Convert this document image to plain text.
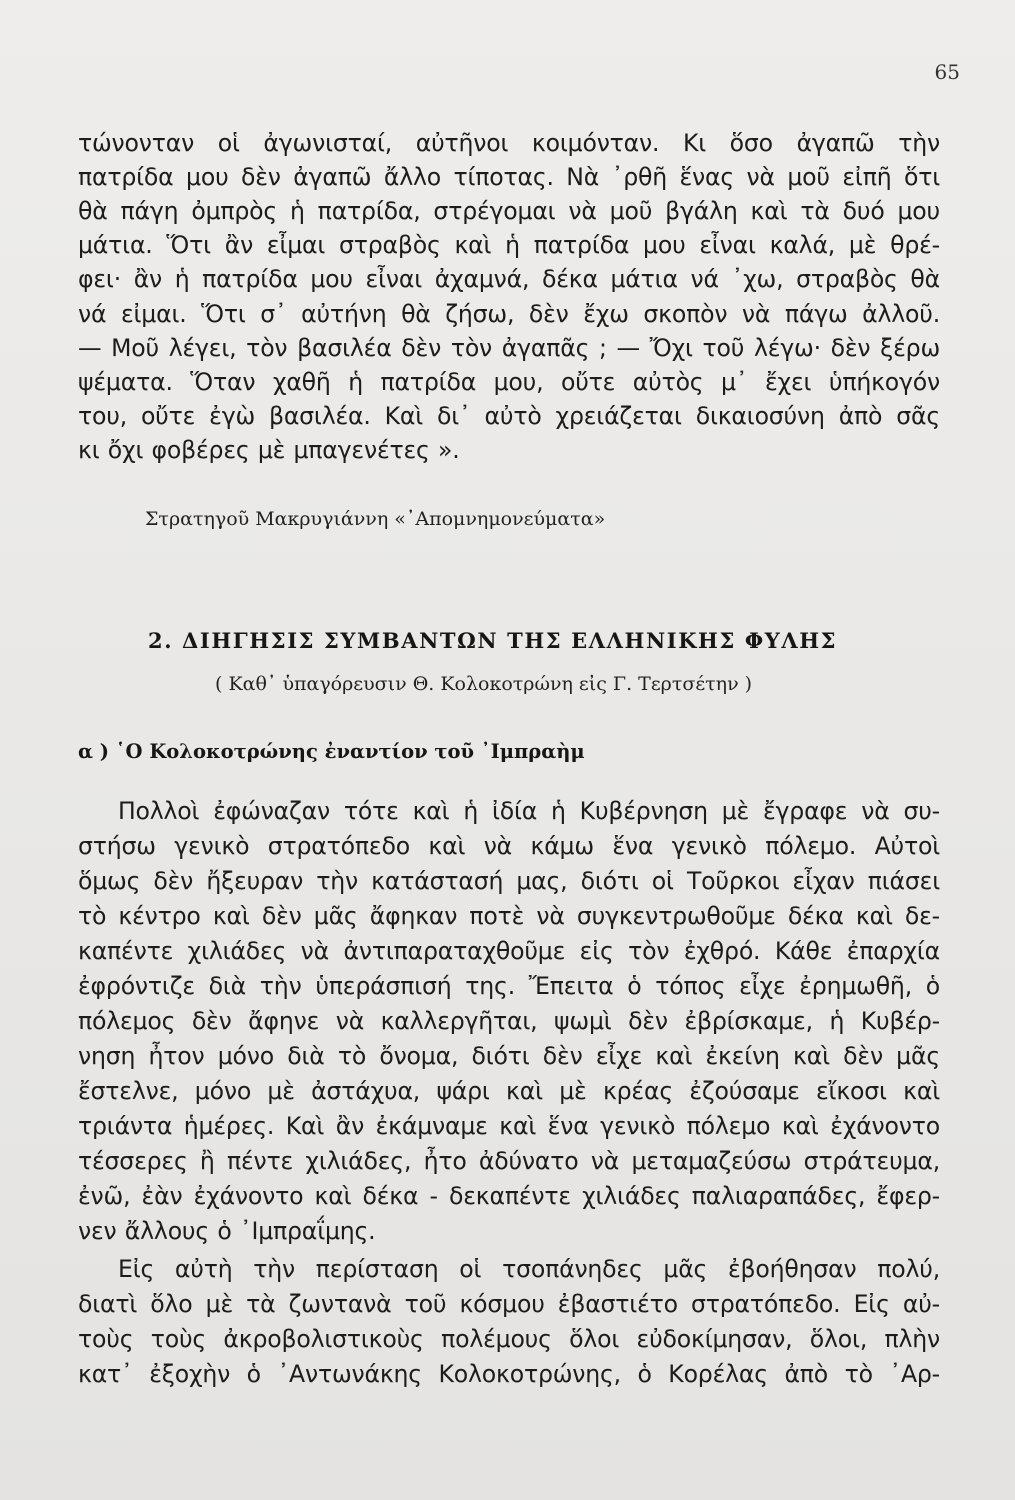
65
τώνονταν οἱ ἀγωνισταί, αὐτῆνοι κοιμόνταν. Κι ὅσο ἀγαπῶ τὴν
πατρίδα μου δὲν ἀγαπῶ ἄλλο τίποτας. Νὰ ᾿ρθῆ ἕνας νὰ μοῦ εἰπῆ ὅτι
θὰ πάγη ὀμπρὸς ἡ πατρίδα, στρέγομαι νὰ μοῦ βγάλη καὶ τὰ δυό μου
μάτια. Ὅτι ἂν εἶμαι στραβὸς καὶ ἡ πατρίδα μου εἶναι καλά, μὲ θρέ-
φει· ἂν ἡ πατρίδα μου εἶναι ἀχαμνά, δέκα μάτια νά ᾿χω, στραβὸς θὰ
νά εἰμαι. Ὅτι σ᾿ αὐτήνη θὰ ζήσω, δὲν ἔχω σκοπὸν νὰ πάγω ἀλλοῦ.
— Μοῦ λέγει, τὸν βασιλέα δὲν τὸν ἀγαπᾶς ; — Ὄχι τοῦ λέγω· δὲν ξέρω
ψέματα. Ὅταν χαθῆ ἡ πατρίδα μου, οὔτε αὐτὸς μ᾿ ἔχει ὑπήκογόν
του, οὔτε ἐγὼ βασιλέα. Καὶ δι᾿ αὐτὸ χρειάζεται δικαιοσύνη ἀπὸ σᾶς
κι ὄχι φοβέρες μὲ μπαγενέτες ».
Στρατηγοῦ Μακρυγιάννη «᾿Απομνημονεύματα»
2. ΔΙΗΓΗΣΙΣ ΣΥΜΒΑΝΤΩΝ ΤΗΣ ΕΛΛΗΝΙΚΗΣ ΦΥΛΗΣ
( Καθ᾿ ὑπαγόρευσιν Θ. Κολοκοτρώνη εἰς Γ. Τερτσέτην )
α ) ῾Ο Κολοκοτρώνης ἐναντίον τοῦ ᾿Ιμπραὴμ
Πολλοὶ ἐφώναζαν τότε καὶ ἡ ἰδία ἡ Κυβέρνηση μὲ ἔγραφε νὰ συ-
στήσω γενικὸ στρατόπεδο καὶ νὰ κάμω ἕνα γενικὸ πόλεμο. Αὐτοὶ
ὅμως δὲν ἤξευραν τὴν κατάστασή μας, διότι οἱ Τοῦρκοι εἶχαν πιάσει
τὸ κέντρο καὶ δὲν μᾶς ἄφηκαν ποτὲ νὰ συγκεντρωθοῦμε δέκα καὶ δε-
καπέντε χιλιάδες νὰ ἀντιπαραταχθοῦμε εἰς τὸν ἐχθρό. Κάθε ἐπαρχία
ἐφρόντιζε διὰ τὴν ὑπεράσπισή της. Ἔπειτα ὁ τόπος εἶχε ἐρημωθῆ, ὁ
πόλεμος δὲν ἄφηνε νὰ καλλεργῆται, ψωμὶ δὲν ἐβρίσκαμε, ἡ Κυβέρ-
νηση ἦτον μόνο διὰ τὸ ὄνομα, διότι δὲν εἶχε καὶ ἐκείνη καὶ δὲν μᾶς
ἔστελνε, μόνο μὲ ἀστάχυα, ψάρι καὶ μὲ κρέας ἐζούσαμε εἴκοσι καὶ
τριάντα ἡμέρες. Καὶ ἂν ἐκάμναμε καὶ ἕνα γενικὸ πόλεμο καὶ ἐχάνοντο
τέσσερες ἢ πέντε χιλιάδες, ἦτο ἀδύνατο νὰ μεταμαζεύσω στράτευμα,
ἐνῶ, ἐὰν ἐχάνοντο καὶ δέκα - δεκαπέντε χιλιάδες παλιαραπάδες, ἔφερ-
νεν ἄλλους ὁ ᾿Ιμπραΐμης.
Εἰς αὐτὴ τὴν περίσταση οἱ τσοπάνηδες μᾶς ἐβοήθησαν πολύ,
διατὶ ὅλο μὲ τὰ ζωντανὰ τοῦ κόσμου ἐβαστιέτο στρατόπεδο. Εἰς αὐ-
τοὺς τοὺς ἀκροβολιστικοὺς πολέμους ὅλοι εὐδοκίμησαν, ὅλοι, πλὴν
κατ᾿ ἐξοχὴν ὁ ᾿Αντωνάκης Κολοκοτρώνης, ὁ Κορέλας ἀπὸ τὸ ᾿Αρ-
